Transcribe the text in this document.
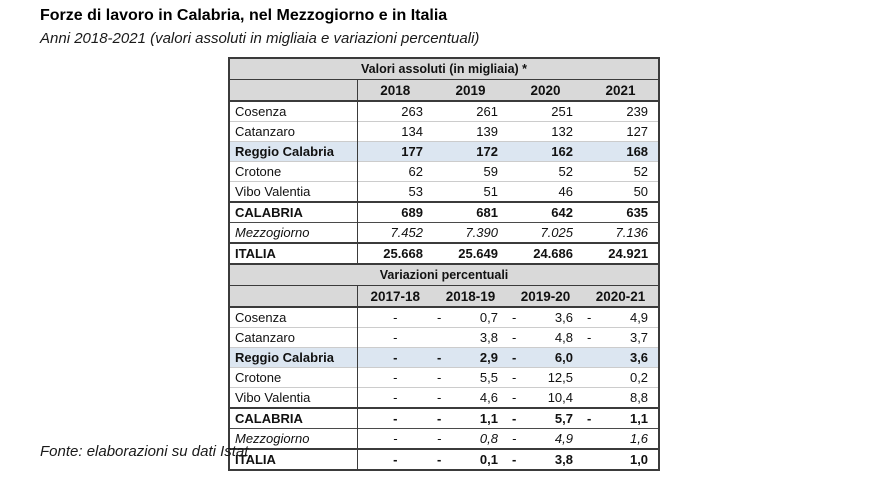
Forze di lavoro in Calabria, nel Mezzogiorno e in Italia
Anni 2018-2021 (valori assoluti in migliaia e variazioni percentuali)
Valori assoluti (in migliaia) *				
	2018	2019	2020	2021
Cosenza	263	261	251	239
Catanzaro	134	139	132	127
Reggio Calabria	177	172	162	168
Crotone	62	59	52	52
Vibo Valentia	53	51	46	50
CALABRIA	689	681	642	635
Mezzogiorno	7.452	7.390	7.025	7.136
ITALIA	25.668	25.649	24.686	24.921
Variazioni percentuali				
	2017-18	2018-19	2019-20	2020-21
Cosenza	-	- 0,7	- 3,6	- 4,9

Catanzaro	-	3,8	- 4,8	- 3,7

Reggio Calabria	-	- 2,9	- 6,0	3,6

Crotone	-	- 5,5	- 12,5	0,2

Vibo Valentia	-	- 4,6	- 10,4	8,8

CALABRIA	-	- 1,1	- 5,7	- 1,1

Mezzogiorno	-	- 0,8	- 4,9	1,6

ITALIA	-	- 0,1	- 3,8	1,0
Fonte: elaborazioni su dati Istat
